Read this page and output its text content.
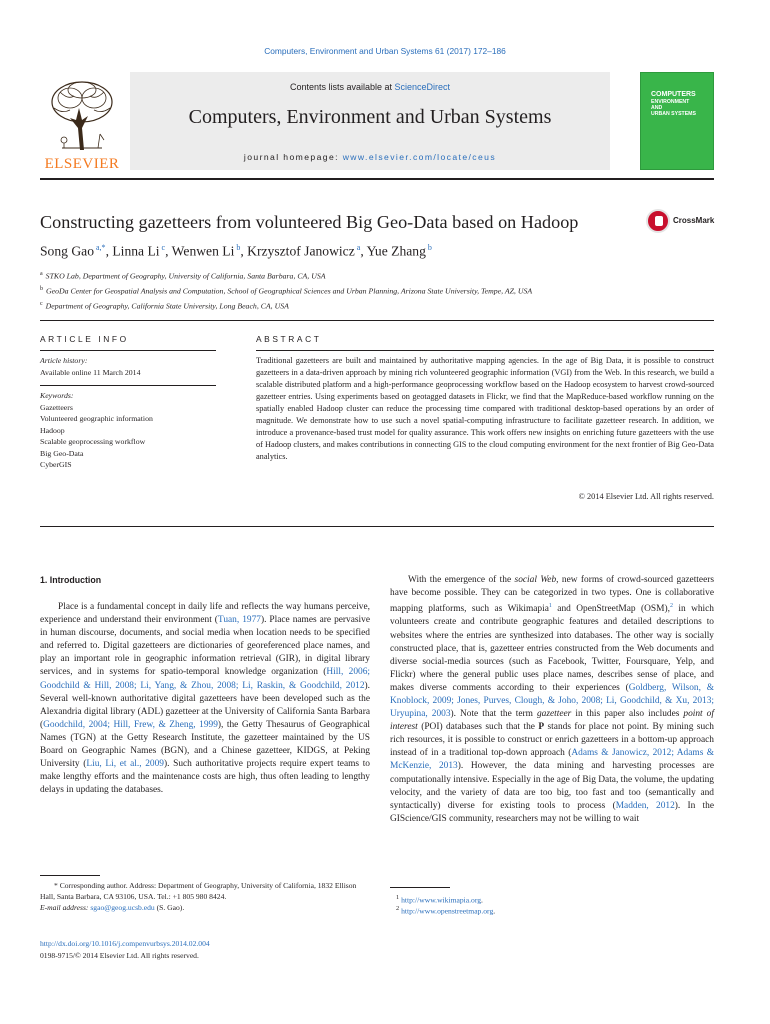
Computers, Environment and Urban Systems 61 (2017) 172–186
ELSEVIER
Contents lists available at ScienceDirect
Computers, Environment and Urban Systems
journal homepage: www.elsevier.com/locate/ceus
COMPUTERS
ENVIRONMENT
AND
URBAN SYSTEMS
Constructing gazetteers from volunteered Big Geo-Data based on Hadoop	CrossMark
Song Gao $^{a,*}$, Linna Li $^c$, Wenwen Li $^b$, Krzysztof Janowicz $^a$, Yue Zhang $^b$
$^a$ STKO Lab, Department of Geography, University of California, Santa Barbara, CA, USA
$^b$ GeoDa Center for Geospatial Analysis and Computation, School of Geographical Sciences and Urban Planning, Arizona State University, Tempe, AZ, USA
$^c$ Department of Geography, California State University, Long Beach, CA, USA
ARTICLE INFO
Article history:
Available online 11 March 2014
Keywords:
Gazetteers
Volunteered geographic information
Hadoop
Scalable geoprocessing workflow
Big Geo-Data
CyberGIS
ABSTRACT
Traditional gazetteers are built and maintained by authoritative mapping agencies. In the age of Big Data, it is possible to construct gazetteers in a data-driven approach by mining rich volunteered geographic information (VGI) from the Web. In this research, we build a scalable distributed platform and a high-performance geoprocessing workflow based on the Hadoop ecosystem to harvest crowd-sourced gazetteer entries. Using experiments based on geotagged datasets in Flickr, we find that the MapReduce-based workflow running on the spatially enabled Hadoop cluster can reduce the processing time compared with traditional desktop-based operations by an order of magnitude. We demonstrate how to use such a novel spatial-computing infrastructure to facilitate gazetteer research. In addition, we introduce a provenance-based trust model for quality assurance. This work offers new insights on enriching future gazetteers with the use of Hadoop clusters, and makes contributions in connecting GIS to the cloud computing environment for the next frontier of Big Geo-Data analytics.
© 2014 Elsevier Ltd. All rights reserved.
1. Introduction
Place is a fundamental concept in daily life and reflects the way humans perceive, experience and understand their environment (Tuan, 1977). Place names are pervasive in human discourse, documents, and social media when location needs to be specified and referred to. Digital gazetteers are dictionaries of georeferenced place names, and play an important role in geographic information retrieval (GIR), in digital library services, and in systems for spatio-temporal knowledge organization (Hill, 2006; Goodchild & Hill, 2008; Li, Yang, & Zhou, 2008; Li, Raskin, & Goodchild, 2012). Several well-known authoritative digital gazetteers have been developed such as the Alexandria digital library (ADL) gazetteer at the University of California Santa Barbara (Goodchild, 2004; Hill, Frew, & Zheng, 1999), the Getty Thesaurus of Geographical Names (TGN) at the Getty Research Institute, the gazetteer maintained by the US Board on Geographic Names (BGN), and a Chinese gazetteer, KIDGS, at Peking University (Liu, Li, et al., 2009). Such authoritative projects require expert teams to make lengthy efforts and the maintenance costs are high, thus often leading to lengthy delays in updating the databases.
With the emergence of the social Web, new forms of crowd-sourced gazetteers have become possible. They can be categorized in two types. One is collaborative mapping platforms, such as Wikimapia$^1$ and OpenStreetMap (OSM),$^2$ in which volunteers create and contribute geographic features and detailed descriptions to websites where the entries are synthesized into databases. The other way is socially constructed place, that is, gazetteer entries constructed from the Web documents and diverse social-media sources (such as Facebook, Twitter, Foursquare, Yelp, and Flickr) where the general public uses place names, describes sense of place, and makes diverse comments according to their experiences (Goldberg, Wilson, & Knoblock, 2009; Jones, Purves, Clough, & Joho, 2008; Li, Goodchild, & Xu, 2013; Uryupina, 2003). Note that the term gazetteer in this paper also includes point of interest (POI) databases such that the P stands for place not point. By mining such rich resources, it is possible to construct or enrich gazetteers in a bottom-up approach instead of in a traditional top-down approach (Adams & Janowicz, 2012; Adams & McKenzie, 2013). However, the data mining and harvesting processes are computationally intensive. Especially in the age of Big Data, the volume, the updating velocity, and the variety of data are too big, too fast and too (semantically and syntactically) diverse for existing tools to process (Madden, 2012). In the GIScience/GIS community, researchers may not be willing to wait
* Corresponding author. Address: Department of Geography, University of California, 1832 Ellison Hall, Santa Barbara, CA 93106, USA. Tel.: +1 805 980 8424.
E-mail address: sgao@geog.ucsb.edu (S. Gao).
$^1$ http://www.wikimapia.org.
$^2$ http://www.openstreetmap.org.
http://dx.doi.org/10.1016/j.compenvurbsys.2014.02.004
0198-9715/© 2014 Elsevier Ltd. All rights reserved.
